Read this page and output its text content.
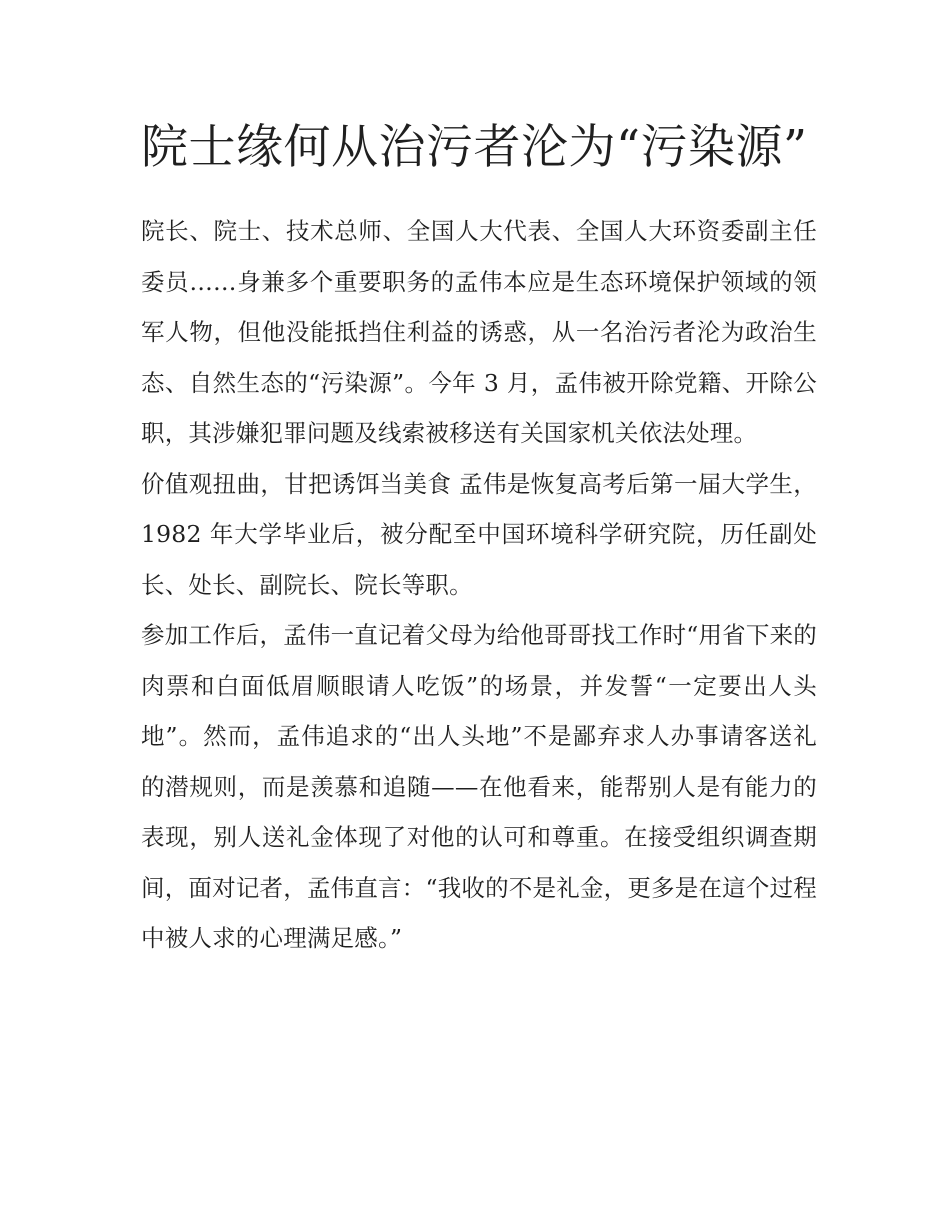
院士缘何从治污者沦为“污染源”

院长、院士、技术总师、全国人大代表、全国人大环资委副主任委员……身兼多个重要职务的孟伟本应是生态环境保护领域的领军人物，但他没能抵挡住利益的诱惑，从一名治污者沦为政治生态、自然生态的“污染源”。今年 3 月，孟伟被开除党籍、开除公职，其涉嫌犯罪问题及线索被移送有关国家机关依法处理。

价值观扭曲，甘把诱饵当美食 孟伟是恢复高考后第一届大学生，1982 年大学毕业后，被分配至中国环境科学研究院，历任副处长、处长、副院长、院长等职。

参加工作后，孟伟一直记着父母为给他哥哥找工作时“用省下来的肉票和白面低眉顺眼请人吃饭”的场景，并发誓“一定要出人头地”。然而，孟伟追求的“出人头地”不是鄙弃求人办事请客送礼的潜规则，而是羡慕和追随——在他看来，能帮别人是有能力的表现，别人送礼金体现了对他的认可和尊重。在接受组织调查期间，面对记者，孟伟直言：“我收的不是礼金，更多是在這个过程中被人求的心理满足感。”
